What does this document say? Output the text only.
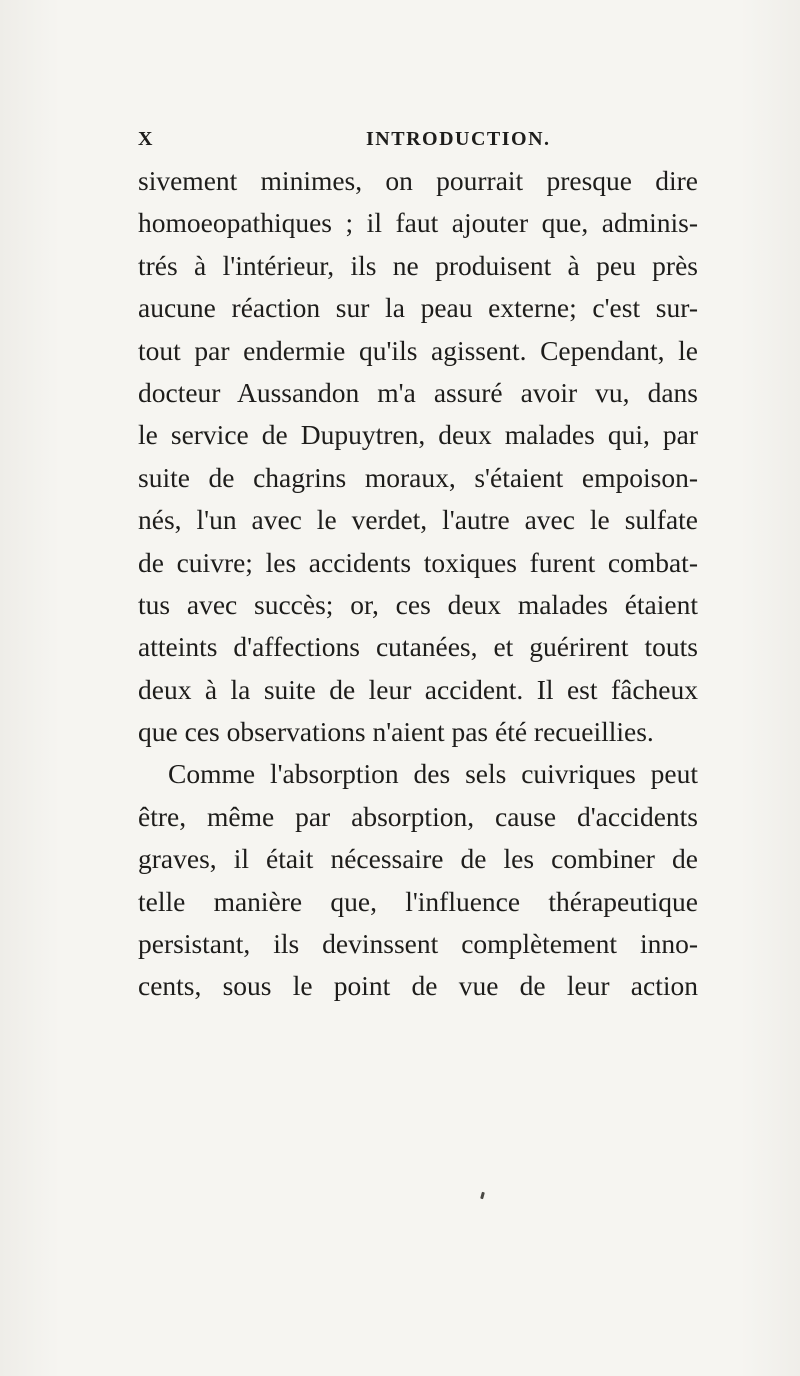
X	INTRODUCTION.
sivement minimes, on pourrait presque dire
homoeopathiques ; il faut ajouter que, adminis-
trés à l'intérieur, ils ne produisent à peu près
aucune réaction sur la peau externe; c'est sur-
tout par endermie qu'ils agissent. Cependant, le
docteur Aussandon m'a assuré avoir vu, dans
le service de Dupuytren, deux malades qui, par
suite de chagrins moraux, s'étaient empoison-
nés, l'un avec le verdet, l'autre avec le sulfate
de cuivre; les accidents toxiques furent combat-
tus avec succès; or, ces deux malades étaient
atteints d'affections cutanées, et guérirent touts
deux à la suite de leur accident. Il est fâcheux
que ces observations n'aient pas été recueillies.
Comme l'absorption des sels cuivriques peut
être, même par absorption, cause d'accidents
graves, il était nécessaire de les combiner de
telle manière que, l'influence thérapeutique
persistant, ils devinssent complètement inno-
cents, sous le point de vue de leur action
